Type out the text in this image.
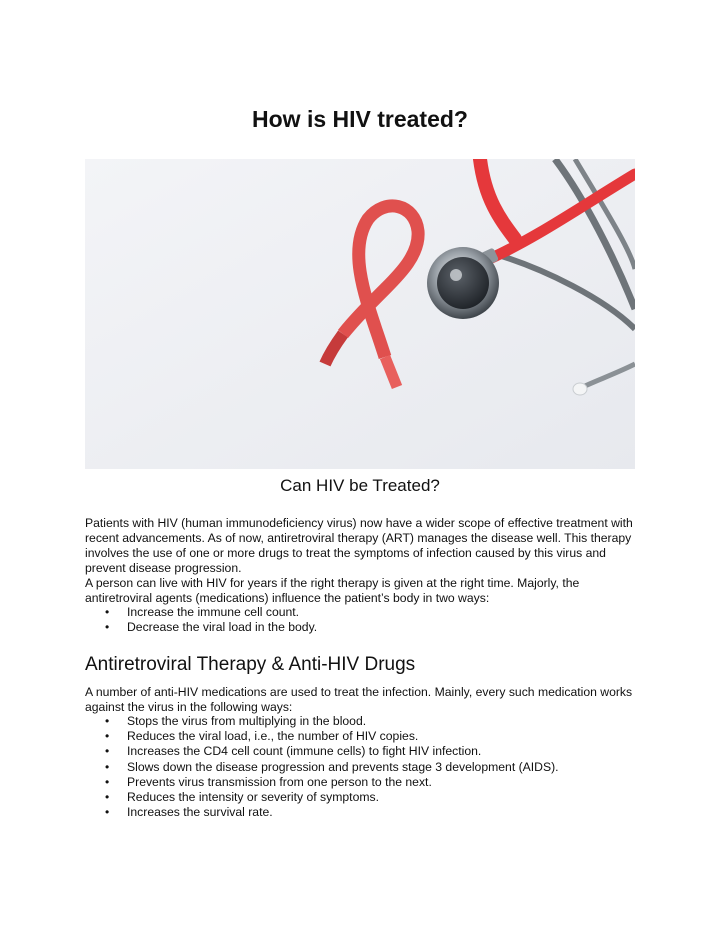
How is HIV treated?
Can HIV be Treated?

Patients with HIV (human immunodeficiency virus) now have a wider scope of effective treatment with recent advancements. As of now, antiretroviral therapy (ART) manages the disease well. This therapy involves the use of one or more drugs to treat the symptoms of infection caused by this virus and prevent disease progression.

A person can live with HIV for years if the right therapy is given at the right time. Majorly, the antiretroviral agents (medications) influence the patient’s body in two ways:

• Increase the immune cell count.
• Decrease the viral load in the body.
Antiretroviral Therapy & Anti-HIV Drugs

A number of anti-HIV medications are used to treat the infection. Mainly, every such medication works against the virus in the following ways:

• Stops the virus from multiplying in the blood.
• Reduces the viral load, i.e., the number of HIV copies.
• Increases the CD4 cell count (immune cells) to fight HIV infection.
• Slows down the disease progression and prevents stage 3 development (AIDS).
• Prevents virus transmission from one person to the next.
• Reduces the intensity or severity of symptoms.
• Increases the survival rate.
